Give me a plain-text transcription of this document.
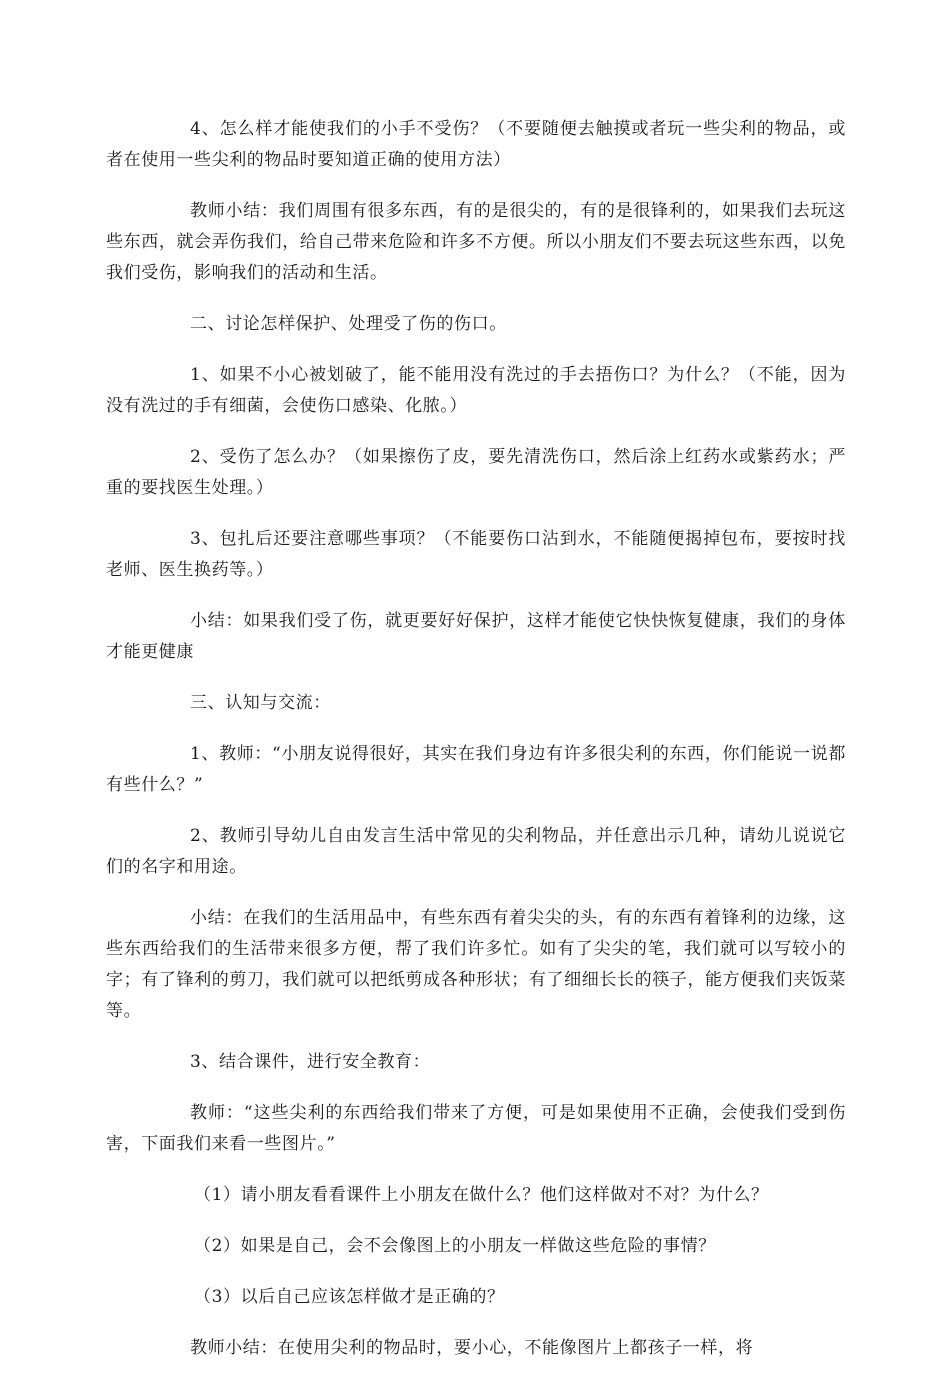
4、怎么样才能使我们的小手不受伤？（不要随便去触摸或者玩一些尖利的物品，或者在使用一些尖利的物品时要知道正确的使用方法）

教师小结：我们周围有很多东西，有的是很尖的，有的是很锋利的，如果我们去玩这些东西，就会弄伤我们，给自己带来危险和许多不方便。所以小朋友们不要去玩这些东西，以免我们受伤，影响我们的活动和生活。

二、讨论怎样保护、处理受了伤的伤口。

1、如果不小心被划破了，能不能用没有洗过的手去捂伤口？为什么？（不能，因为没有洗过的手有细菌，会使伤口感染、化脓。）

2、受伤了怎么办？（如果擦伤了皮，要先清洗伤口，然后涂上红药水或紫药水；严重的要找医生处理。）

3、包扎后还要注意哪些事项？（不能要伤口沾到水，不能随便揭掉包布，要按时找老师、医生换药等。）

小结：如果我们受了伤，就更要好好保护，这样才能使它快快恢复健康，我们的身体才能更健康

三、认知与交流：

1、教师：“小朋友说得很好，其实在我们身边有许多很尖利的东西，你们能说一说都有些什么？”

2、教师引导幼儿自由发言生活中常见的尖利物品，并任意出示几种，请幼儿说说它们的名字和用途。

小结：在我们的生活用品中，有些东西有着尖尖的头，有的东西有着锋利的边缘，这些东西给我们的生活带来很多方便，帮了我们许多忙。如有了尖尖的笔，我们就可以写较小的字；有了锋利的剪刀，我们就可以把纸剪成各种形状；有了细细长长的筷子，能方便我们夹饭菜等。

3、结合课件，进行安全教育：

教师：“这些尖利的东西给我们带来了方便，可是如果使用不正确，会使我们受到伤害，下面我们来看一些图片。”

（1）请小朋友看看课件上小朋友在做什么？他们这样做对不对？为什么？

（2）如果是自己，会不会像图上的小朋友一样做这些危险的事情？

（3）以后自己应该怎样做才是正确的？

教师小结：在使用尖利的物品时，要小心，不能像图片上都孩子一样，将
